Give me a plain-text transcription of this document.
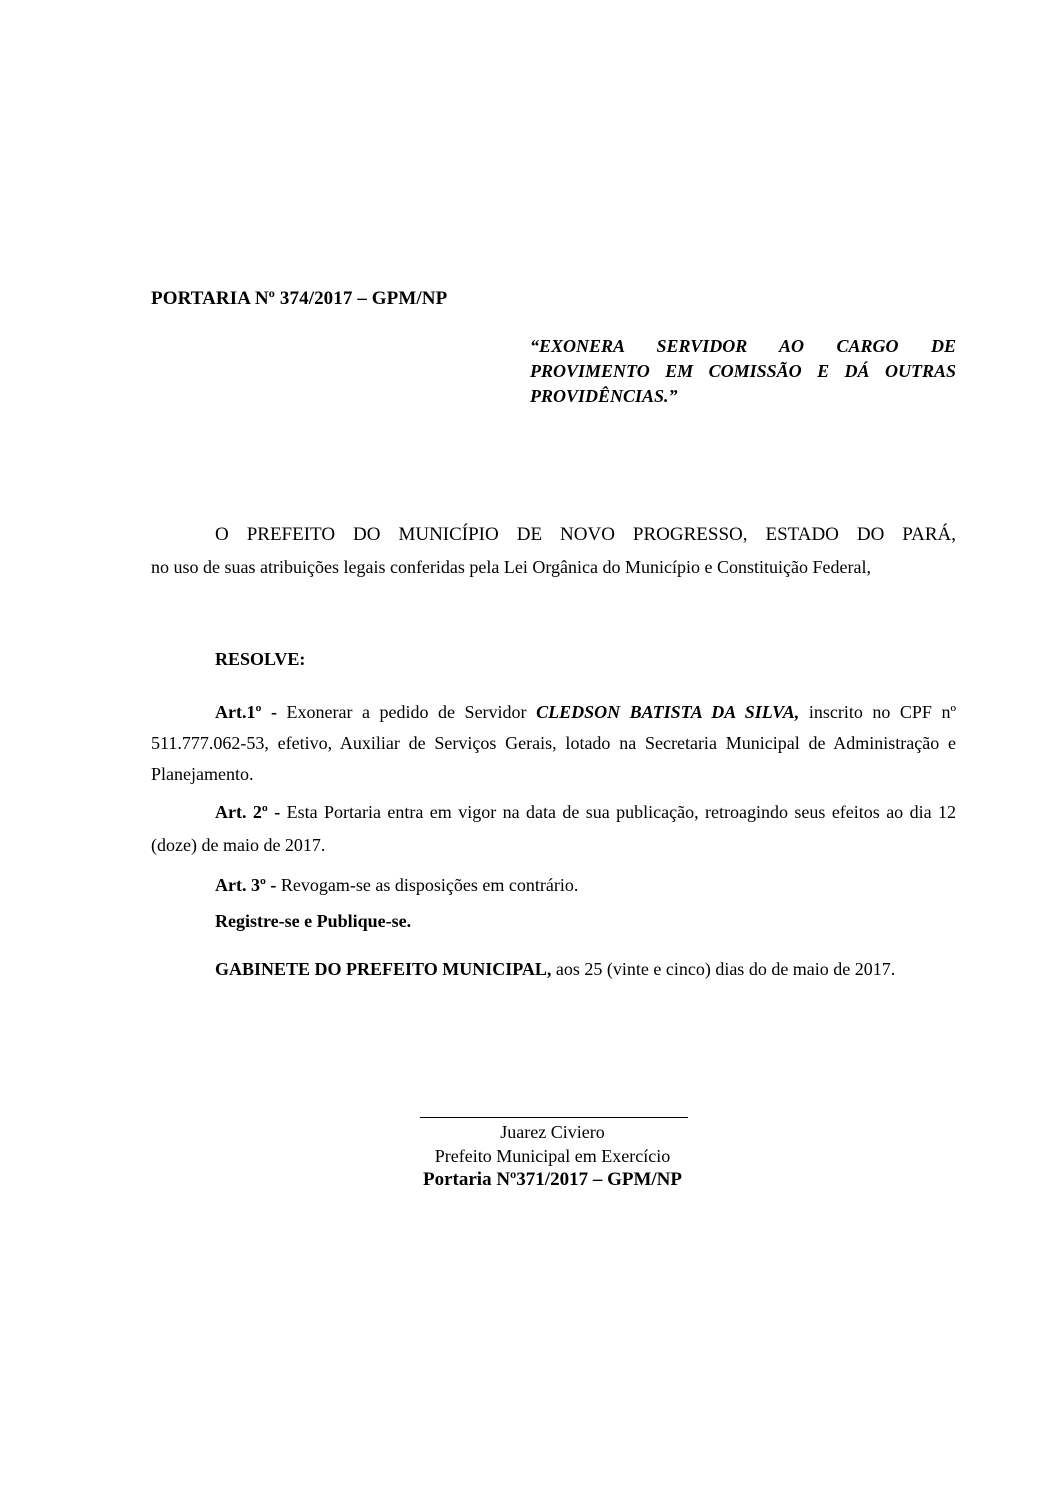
PORTARIA Nº 374/2017 – GPM/NP
“EXONERA SERVIDOR AO CARGO DE
PROVIMENTO EM COMISSÃO E DÁ OUTRAS
PROVIDÊNCIAS.”
O PREFEITO DO MUNICÍPIO DE NOVO PROGRESSO, ESTADO DO PARÁ,
no uso de suas atribuições legais conferidas pela Lei Orgânica do Município e Constituição Federal,
RESOLVE:
Art.1º - Exonerar a pedido de Servidor CLEDSON BATISTA DA SILVA, inscrito no CPF nº 511.777.062-53, efetivo, Auxiliar de Serviços Gerais, lotado na Secretaria Municipal de Administração e Planejamento.
Art. 2º - Esta Portaria entra em vigor na data de sua publicação, retroagindo seus efeitos ao dia 12 (doze) de maio de 2017.
Art. 3º - Revogam-se as disposições em contrário.
Registre-se e Publique-se.
GABINETE DO PREFEITO MUNICIPAL, aos 25 (vinte e cinco) dias do de maio de 2017.
Juarez Civiero
Prefeito Municipal em Exercício
Portaria Nº371/2017 – GPM/NP
